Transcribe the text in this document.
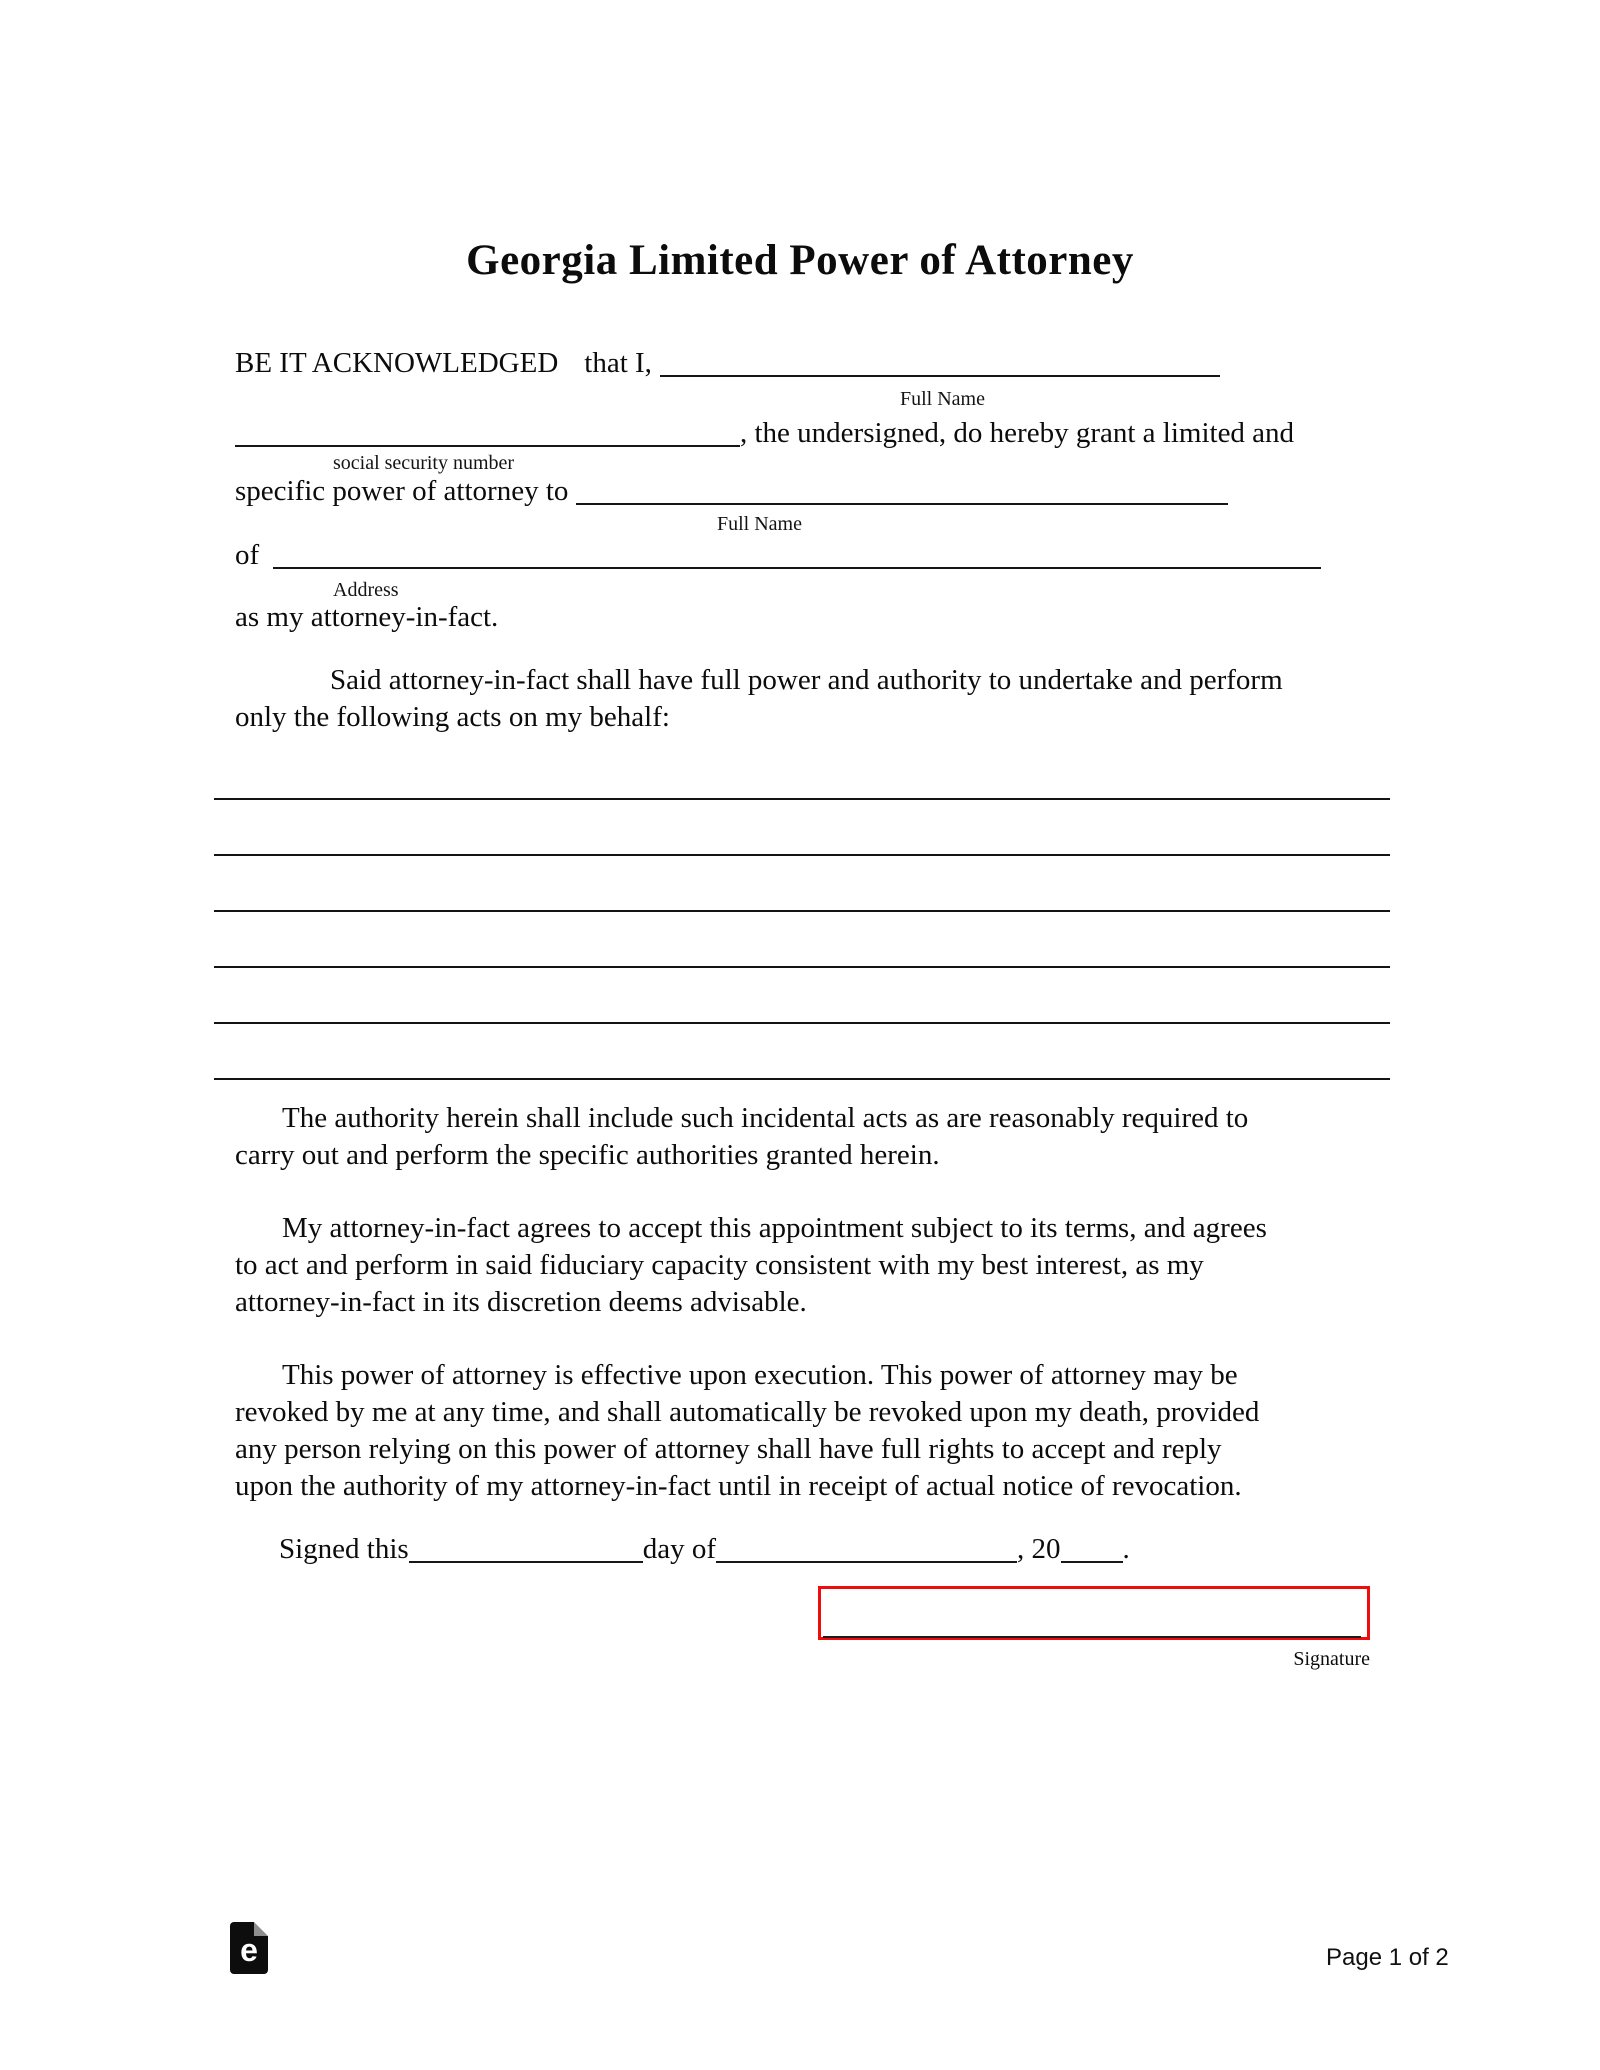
Georgia Limited Power of Attorney
BE IT ACKNOWLEDGED that I,
Full Name
, the undersigned, do hereby grant a limited and
social security number
specific power of attorney to
Full Name
of
Address
as my attorney-in-fact.
Said attorney-in-fact shall have full power and authority to undertake and perform
only the following acts on my behalf:
The authority herein shall include such incidental acts as are reasonably required to
carry out and perform the specific authorities granted herein.
My attorney-in-fact agrees to accept this appointment subject to its terms, and agrees
to act and perform in said fiduciary capacity consistent with my best interest, as my
attorney-in-fact in its discretion deems advisable.
This power of attorney is effective upon execution. This power of attorney may be
revoked by me at any time, and shall automatically be revoked upon my death, provided
any person relying on this power of attorney shall have full rights to accept and reply
upon the authority of my attorney-in-fact until in receipt of actual notice of revocation.
Signed this	day of	, 20 .
Signature
e	Page 1 of 2
